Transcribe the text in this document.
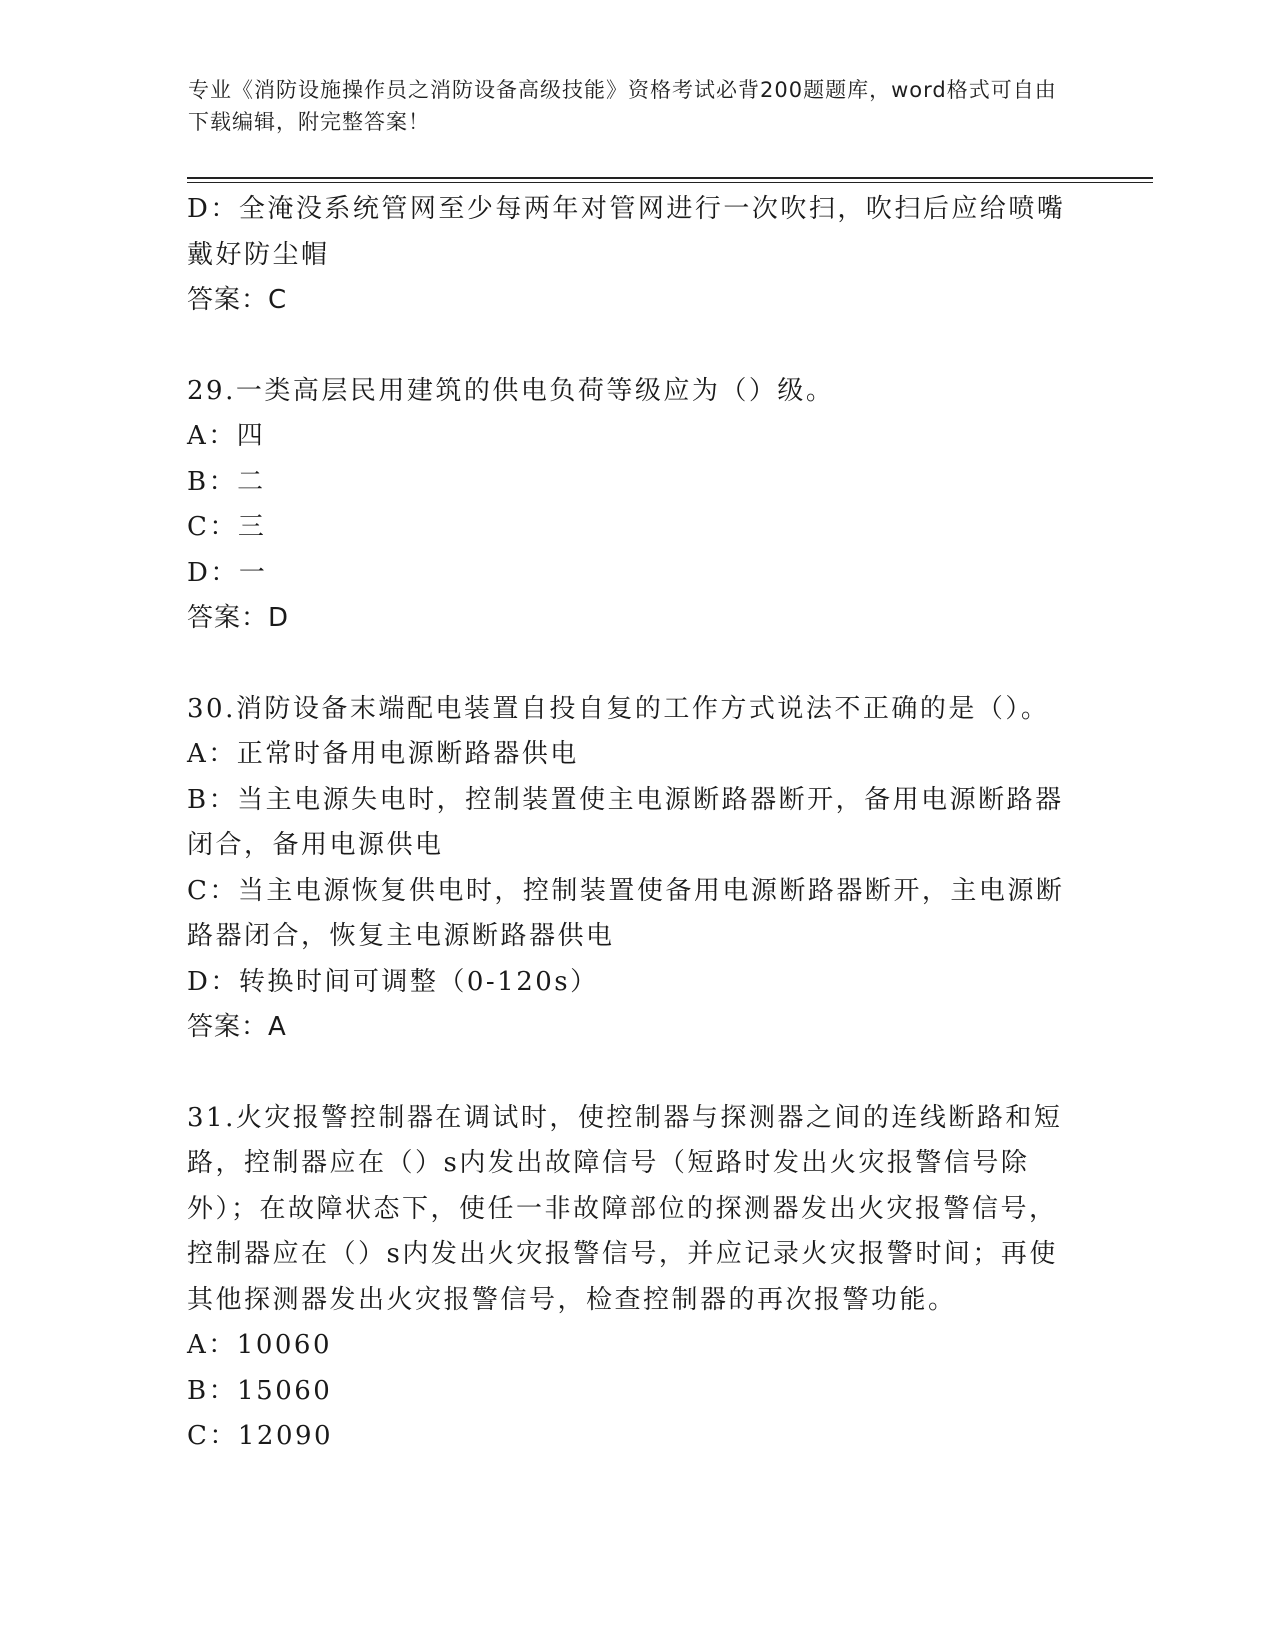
专业《消防设施操作员之消防设备高级技能》资格考试必背200题题库，word格式可自由下载编辑，附完整答案！
D：全淹没系统管网至少每两年对管网进行一次吹扫，吹扫后应给喷嘴戴好防尘帽
答案：C
29.一类高层民用建筑的供电负荷等级应为（）级。
A：四
B：二
C：三
D：一
答案：D
30.消防设备末端配电装置自投自复的工作方式说法不正确的是（）。
A：正常时备用电源断路器供电
B：当主电源失电时，控制装置使主电源断路器断开，备用电源断路器闭合，备用电源供电
C：当主电源恢复供电时，控制装置使备用电源断路器断开，主电源断路器闭合，恢复主电源断路器供电
D：转换时间可调整（0-120s）
答案：A
31.火灾报警控制器在调试时，使控制器与探测器之间的连线断路和短路，控制器应在（）s内发出故障信号（短路时发出火灾报警信号除外）；在故障状态下，使任一非故障部位的探测器发出火灾报警信号，控制器应在（）s内发出火灾报警信号，并应记录火灾报警时间；再使其他探测器发出火灾报警信号，检查控制器的再次报警功能。
A：10060
B：15060
C：12090
